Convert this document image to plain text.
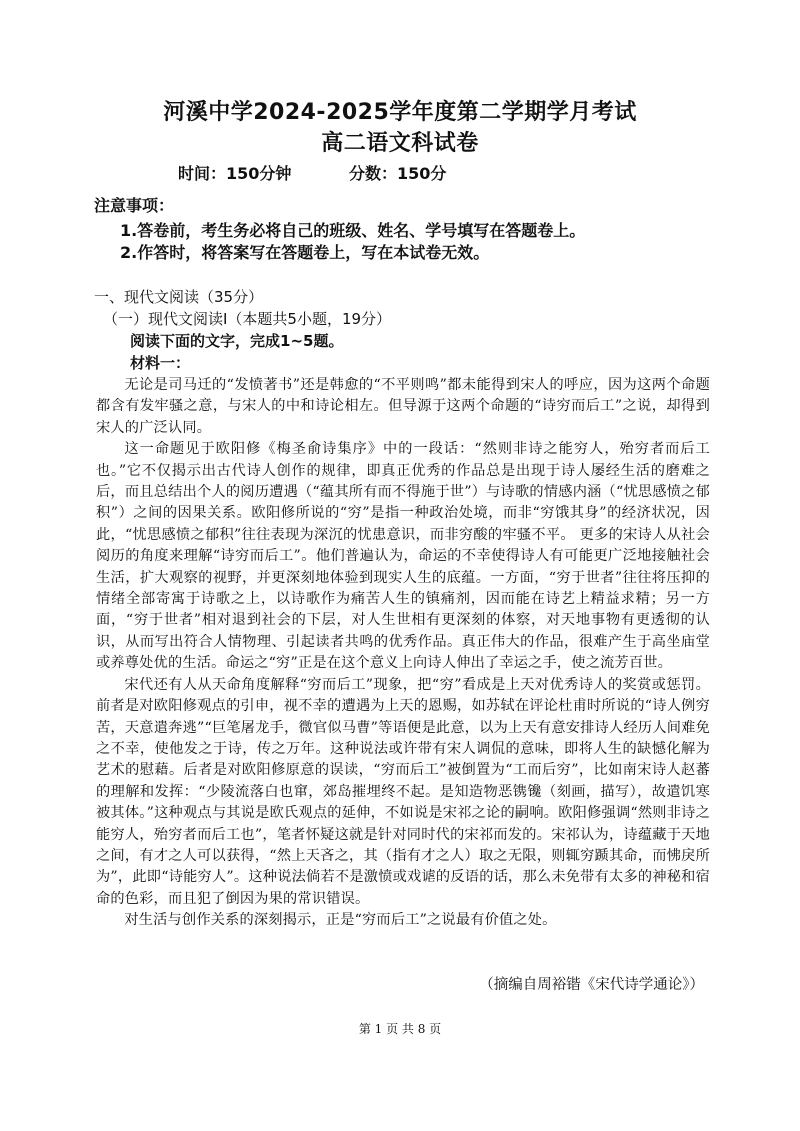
河溪中学2024-2025学年度第二学期学月考试
高二语文科试卷
时间：150分钟	分数：150分
注意事项：
1.答卷前，考生务必将自己的班级、姓名、学号填写在答题卷上。
2.作答时，将答案写在答题卷上，写在本试卷无效。
一、现代文阅读（35分）
（一）现代文阅读Ⅰ（本题共5小题，19分）
阅读下面的文字，完成1~5题。
材料一：

无论是司马迁的“发愤著书”还是韩愈的“不平则鸣”都未能得到宋人的呼应，因为这两个命题都含有发牢骚之意，与宋人的中和诗论相左。但导源于这两个命题的“诗穷而后工”之说，却得到宋人的广泛认同。

这一命题见于欧阳修《梅圣俞诗集序》中的一段话：“然则非诗之能穷人，殆穷者而后工也。”它不仅揭示出古代诗人创作的规律，即真正优秀的作品总是出现于诗人屡经生活的磨难之后，而且总结出个人的阅历遭遇（“蕴其所有而不得施于世”）与诗歌的情感内涵（“忧思感愤之郁积”）之间的因果关系。欧阳修所说的“穷”是指一种政治处境，而非“穷饿其身”的经济状况，因此，“忧思感愤之郁积”往往表现为深沉的忧患意识，而非穷酸的牢骚不平。 更多的宋诗人从社会阅历的角度来理解“诗穷而后工”。他们普遍认为，命运的不幸使得诗人有可能更广泛地接触社会生活，扩大观察的视野，并更深刻地体验到现实人生的底蕴。一方面，“穷于世者”往往将压抑的情绪全部寄寓于诗歌之上，以诗歌作为痛苦人生的镇痛剂，因而能在诗艺上精益求精；另一方面，“穷于世者”相对退到社会的下层，对人生世相有更深刻的体察，对天地事物有更透彻的认识，从而写出符合人情物理、引起读者共鸣的优秀作品。真正伟大的作品，很难产生于高坐庙堂或养尊处优的生活。命运之“穷”正是在这个意义上向诗人伸出了幸运之手，使之流芳百世。

宋代还有人从天命角度解释“穷而后工”现象，把“穷”看成是上天对优秀诗人的奖赏或惩罚。前者是对欧阳修观点的引申，视不幸的遭遇为上天的恩赐，如苏轼在评论杜甫时所说的“诗人例穷苦，天意遣奔逃”“巨笔屠龙手，微官似马曹”等语便是此意，以为上天有意安排诗人经历人间难免之不幸，使他发之于诗，传之万年。这种说法或许带有宋人调侃的意味，即将人生的缺憾化解为艺术的慰藉。后者是对欧阳修原意的误读，“穷而后工”被倒置为“工而后穷”，比如南宋诗人赵蕃的理解和发挥：“少陵流落白也窜，郊岛摧埋终不起。是知造物恶镌镵（刻画，描写），故遣饥寒被其体。”这种观点与其说是欧氏观点的延伸，不如说是宋祁之论的嗣响。欧阳修强调“然则非诗之能穷人，殆穷者而后工也”，笔者怀疑这就是针对同时代的宋祁而发的。宋祁认为，诗蕴藏于天地之间，有才之人可以获得，“然上天吝之，其（指有才之人）取之无限，则辄穷踬其命，而怫戾所为”，此即“诗能穷人”。这种说法倘若不是激愤或戏谑的反语的话，那么未免带有太多的神秘和宿命的色彩，而且犯了倒因为果的常识错误。

对生活与创作关系的深刻揭示，正是“穷而后工”之说最有价值之处。

（摘编自周裕锴《宋代诗学通论》）
第 1 页 共 8 页
